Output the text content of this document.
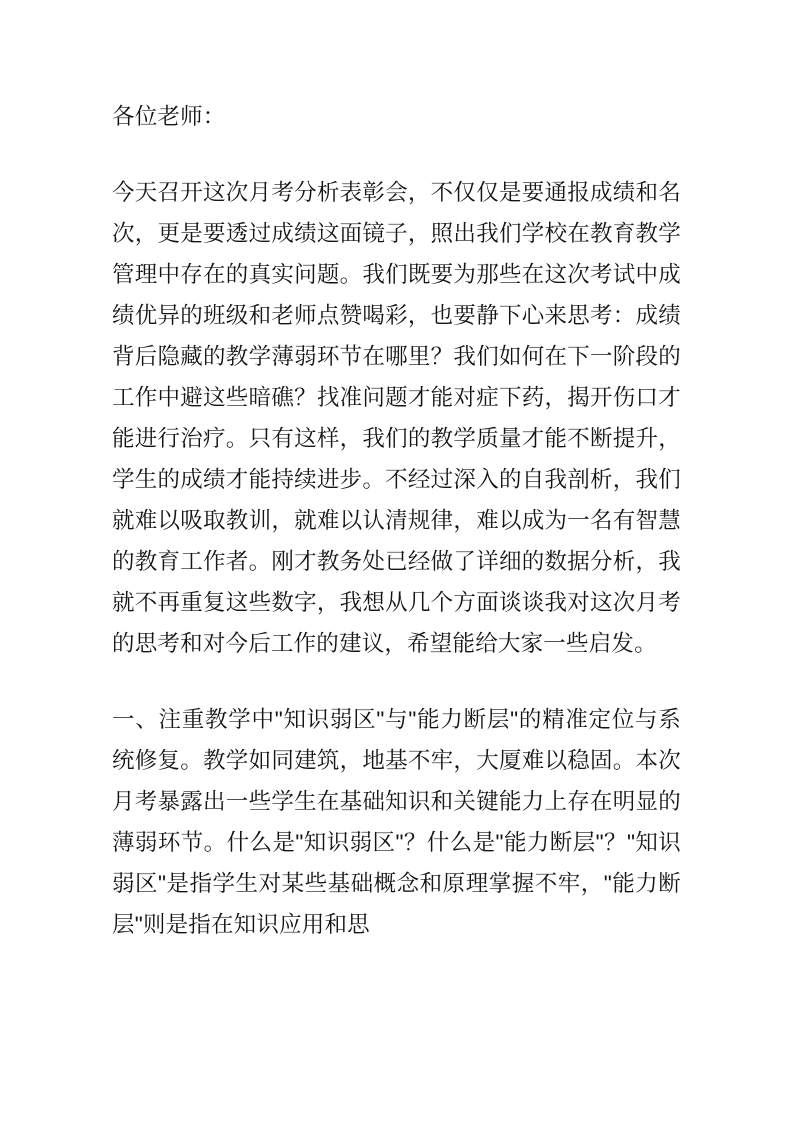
各位老师：

今天召开这次月考分析表彰会，不仅仅是要通报成绩和名次，更是要透过成绩这面镜子，照出我们学校在教育教学管理中存在的真实问题。我们既要为那些在这次考试中成绩优异的班级和老师点赞喝彩，也要静下心来思考：成绩背后隐藏的教学薄弱环节在哪里？我们如何在下一阶段的工作中避这些暗礁？找准问题才能对症下药，揭开伤口才能进行治疗。只有这样，我们的教学质量才能不断提升，学生的成绩才能持续进步。不经过深入的自我剖析，我们就难以吸取教训，就难以认清规律，难以成为一名有智慧的教育工作者。刚才教务处已经做了详细的数据分析，我就不再重复这些数字，我想从几个方面谈谈我对这次月考的思考和对今后工作的建议，希望能给大家一些启发。

一、注重教学中"知识弱区"与"能力断层"的精准定位与系统修复。教学如同建筑，地基不牢，大厦难以稳固。本次月考暴露出一些学生在基础知识和关键能力上存在明显的薄弱环节。什么是"知识弱区"？什么是"能力断层"？"知识弱区"是指学生对某些基础概念和原理掌握不牢，"能力断层"则是指在知识应用和思
